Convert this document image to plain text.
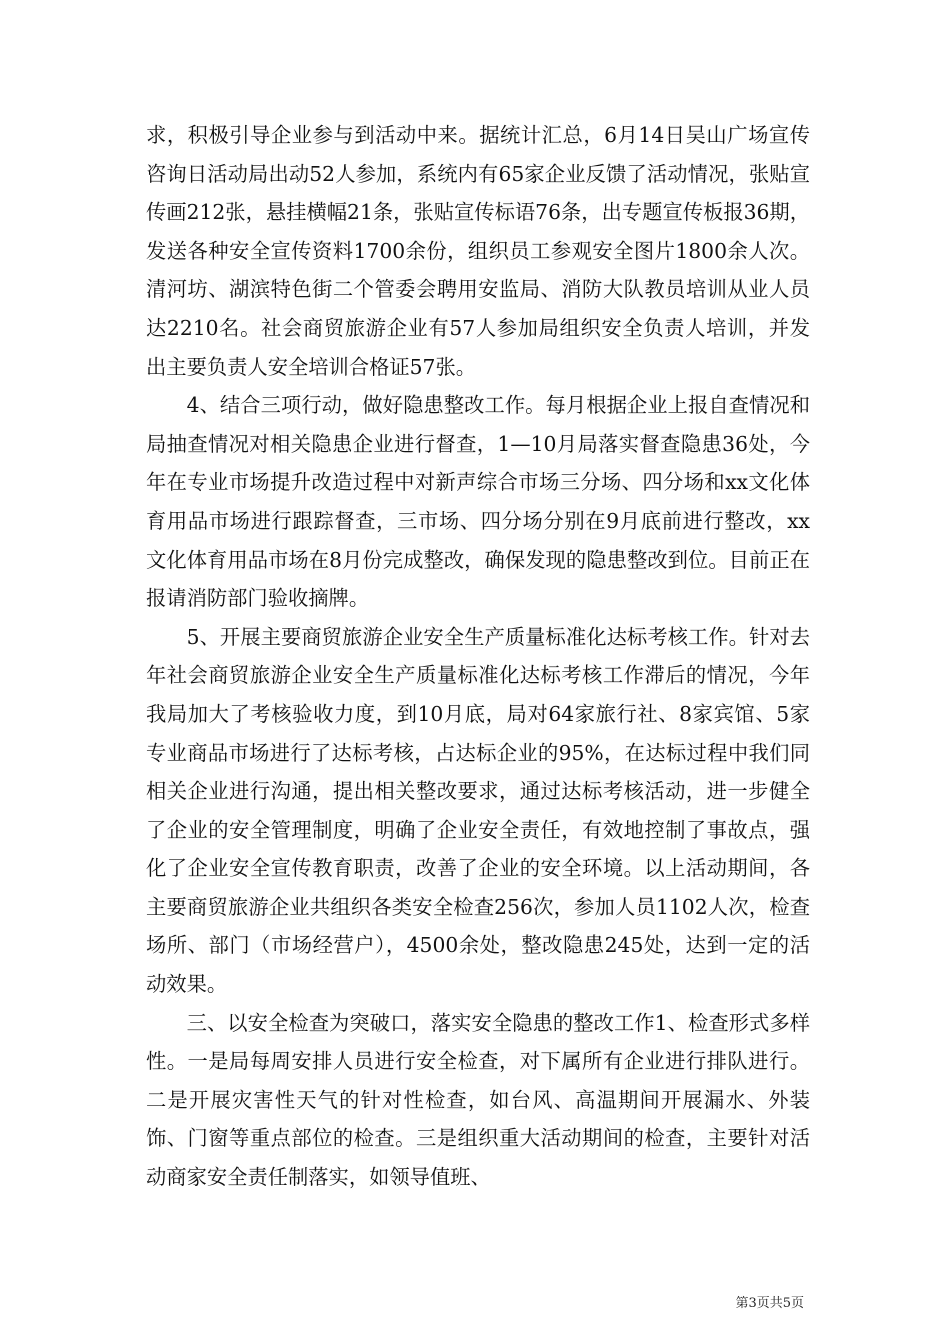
求，积极引导企业参与到活动中来。据统计汇总，6月14日吴山广场宣传咨询日活动局出动52人参加，系统内有65家企业反馈了活动情况，张贴宣传画212张，悬挂横幅21条，张贴宣传标语76条，出专题宣传板报36期，发送各种安全宣传资料1700余份，组织员工参观安全图片1800余人次。清河坊、湖滨特色街二个管委会聘用安监局、消防大队教员培训从业人员达2210名。社会商贸旅游企业有57人参加局组织安全负责人培训，并发出主要负责人安全培训合格证57张。

4、结合三项行动，做好隐患整改工作。每月根据企业上报自查情况和局抽查情况对相关隐患企业进行督查，1—10月局落实督查隐患36处，今年在专业市场提升改造过程中对新声综合市场三分场、四分场和xx文化体育用品市场进行跟踪督查，三市场、四分场分别在9月底前进行整改，xx文化体育用品市场在8月份完成整改，确保发现的隐患整改到位。目前正在报请消防部门验收摘牌。

5、开展主要商贸旅游企业安全生产质量标准化达标考核工作。针对去年社会商贸旅游企业安全生产质量标准化达标考核工作滞后的情况，今年我局加大了考核验收力度，到10月底，局对64家旅行社、8家宾馆、5家专业商品市场进行了达标考核，占达标企业的95%，在达标过程中我们同相关企业进行沟通，提出相关整改要求，通过达标考核活动，进一步健全了企业的安全管理制度，明确了企业安全责任，有效地控制了事故点，强化了企业安全宣传教育职责，改善了企业的安全环境。以上活动期间，各主要商贸旅游企业共组织各类安全检查256次，参加人员1102人次，检查场所、部门（市场经营户），4500余处，整改隐患245处，达到一定的活动效果。

三、以安全检查为突破口，落实安全隐患的整改工作1、检查形式多样性。一是局每周安排人员进行安全检查，对下属所有企业进行排队进行。二是开展灾害性天气的针对性检查，如台风、高温期间开展漏水、外装饰、门窗等重点部位的检查。三是组织重大活动期间的检查，主要针对活动商家安全责任制落实，如领导值班、

第3页共5页
